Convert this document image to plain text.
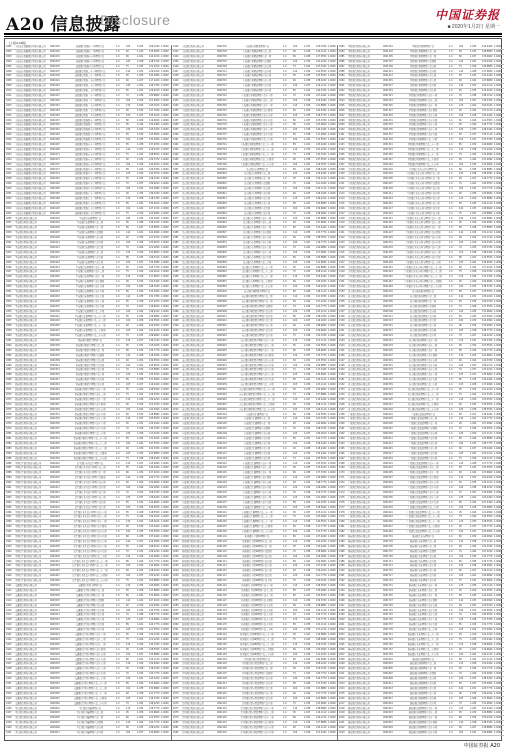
A20 信息披露
Disclosure	中国证券报
■ 2020年1月2日 星期一
(上接A19版)
1801	上海浦东发展银行股份有限公司	0000125	浦发银行聚鑫十一号理财产品	1.0	100	1.033	126.1030 1.0000
1802	上海浦东发展银行股份有限公司	0000129	浦发银行聚鑫十三号理财产品	1.0	90	1.030	125.6045 1.0000
1803	上海浦东发展银行股份有限公司	0000131	浦发银行聚鑫十五号理财产品	1.0	80	1.041	144.0210 1.0000
1804	上海浦东发展银行股份有限公司	0000133	浦发银行聚鑫十七号理财产品	1.0	120	1.028	118.3410 1.0000
1805	上海浦东发展银行股份有限公司	0000135	浦发银行聚鑫十九号理财产品	1.0	75	1.035	131.2700 1.0000
1806	上海浦东发展银行股份有限公司	0000137	浦发银行聚鑫二十一号理财产品	1.0	110	1.031	129.4410 1.0000
1807	上海浦东发展银行股份有限公司	0000139	浦发银行聚鑫二十三号理财产品	1.0	95	1.039	140.5680 1.0000
1808	上海浦东发展银行股份有限公司	0000141	浦发银行聚鑫二十五号理财产品	1.0	60	1.027	117.1020 1.0000
1809	上海浦东发展银行股份有限公司	0000143	浦发银行聚鑫二十七号理财产品	1.0	130	1.042	146.7780 1.0000
1810	上海浦东发展银行股份有限公司	0000145	浦发银行聚鑫二十九号理财产品	1.0	85	1.033	126.9150 1.0000
1811	上海浦东发展银行股份有限公司	0000147	浦发银行聚鑫三十一号理财产品	1.0	70	1.036	132.8800 1.0000
1812	上海浦东发展银行股份有限公司	0000149	浦发银行聚鑫三十三号理财产品	1.0	100	1.029	121.6300 1.0000
1813	上海浦东发展银行股份有限公司	0000151	浦发银行聚鑫三十五号理财产品	1.0	115	1.040	143.2010 1.0000
1814	上海浦东发展银行股份有限公司	0000153	浦发银行聚鑫三十七号理财产品	1.0	90	1.032	127.7640 1.0000
1815	上海浦东发展银行股份有限公司	0000155	浦发银行聚鑫三十九号理财产品	1.0	105	1.037	135.4210 1.0000
1816	上海浦东发展银行股份有限公司	0000157	浦发银行聚鑫四十一号理财产品	1.0	80	1.028	119.9050 1.0000
1817	上海浦东发展银行股份有限公司	0000159	浦发银行聚鑫四十三号理财产品	1.0	95	1.034	130.0460 1.0000
1818	上海浦东发展银行股份有限公司	0000161	浦发银行聚鑫四十五号理财产品	1.0	120	1.041	145.3320 1.0000
1819	上海浦东发展银行股份有限公司	0000163	浦发银行聚鑫四十七号理财产品	1.0	65	1.030	123.5560 1.0000
1820	上海浦东发展银行股份有限公司	0000165	浦发银行聚鑫四十九号理财产品	1.0	100	1.035	132.0990 1.0000
1821	上海浦东发展银行股份有限公司	0000167	浦发银行聚鑫五十一号理财产品	1.0	85	1.038	137.6700 1.0000
1822	上海浦东发展银行股份有限公司	0000169	浦发银行聚鑫五十三号理财产品	1.0	110	1.027	116.2240 1.0000
1823	上海浦东发展银行股份有限公司	0000171	浦发银行聚鑫五十五号理财产品	1.0	75	1.043	148.8810 1.0000
1824	上海浦东发展银行股份有限公司	0000173	浦发银行聚鑫五十七号理财产品	1.0	90	1.032	126.3370 1.0000
1825	上海浦东发展银行股份有限公司	0000175	浦发银行聚鑫五十九号理财产品	1.0	100	1.036	134.0020 1.0000
1826	上海浦东发展银行股份有限公司	0000177	浦发银行聚鑫六十一号理财产品	1.0	80	1.029	120.4450 1.0000
1827	上海浦东发展银行股份有限公司	0000179	浦发银行聚鑫六十三号理财产品	1.0	125	1.040	142.5570 1.0000
1828	上海浦东发展银行股份有限公司	0000181	浦发银行聚鑫六十五号理财产品	1.0	95	1.033	128.1190 1.0000
1829	上海浦东发展银行股份有限公司	0000183	浦发银行聚鑫六十七号理财产品	1.0	70	1.037	136.6610 1.0000
1830	上海浦东发展银行股份有限公司	0000185	浦发银行聚鑫六十九号理财产品	1.0	105	1.031	124.9080 1.0000
1831	上海浦东发展银行股份有限公司	0000187	浦发银行聚鑫七十一号理财产品	1.0	90	1.039	139.2230 1.0000
1832	上海浦东发展银行股份有限公司	0000189	浦发银行聚鑫七十三号理财产品	1.0	115	1.028	118.7760 1.0000
1833	上海浦东发展银行股份有限公司	0000191	浦发银行聚鑫七十五号理财产品	1.0	85	1.034	130.9910 1.0000
1834	上海浦东发展银行股份有限公司	0000193	浦发银行聚鑫七十七号理财产品	1.0	100	1.042	147.1150 1.0000
1835	上海浦东发展银行股份有限公司	0000195	浦发银行聚鑫七十九号理财产品	1.0	75	1.030	122.6680 1.0000
1836	平安银行股份有限公司	0000201	平安银行安盈理财产品	1.0	120	1.035	133.4400 1.0000
1837	平安银行股份有限公司	0000203	平安银行安盈理财产品二期	1.0	95	1.038	138.1020 1.0000
1838	平安银行股份有限公司	0000205	平安银行安盈理财产品三期	1.0	80	1.027	115.8830 1.0000
1839	平安银行股份有限公司	0000207	平安银行安盈理财产品四期	1.0	110	1.041	144.9960 1.0000
1840	平安银行股份有限公司	0000209	平安银行安盈理财产品五期	1.0	90	1.032	127.2210 1.0000
1841	平安银行股份有限公司	0000211	平安银行安盈理财产品六期	1.0	100	1.036	133.6670 1.0000
1842	平安银行股份有限公司	0000213	平安银行安盈理财产品七期	1.0	70	1.029	121.0090 1.0000
1843	平安银行股份有限公司	0000215	平安银行安盈理财产品八期	1.0	125	1.040	141.8820 1.0000
1844	平安银行股份有限公司	0000217	平安银行安盈理财产品九期	1.0	85	1.033	129.3310 1.0000
1845	平安银行股份有限公司	0000219	平安银行安盈理财产品十期	1.0	105	1.037	135.9980 1.0000
1846	平安银行股份有限公司	0000221	平安银行安盈理财产品十一期	1.0	95	1.031	125.7740 1.0000
1847	平安银行股份有限公司	0000223	平安银行安盈理财产品十二期	1.0	75	1.039	140.0010 1.0000
1848	平安银行股份有限公司	0000225	平安银行安盈理财产品十三期	1.0	115	1.028	117.6650 1.0000
1849	平安银行股份有限公司	0000227	平安银行安盈理财产品十四期	1.0	90	1.034	131.4420 1.0000
1850	平安银行股份有限公司	0000229	平安银行安盈理财产品十五期	1.0	100	1.043	148.3030 1.0000
1851	平安银行股份有限公司	0000231	平安银行安盈理财产品十六期	1.0	80	1.030	123.0090 1.0000
1852	平安银行股份有限公司	0000233	平安银行安盈理财产品十七期	1.0	110	1.035	132.7780 1.0000
1853	平安银行股份有限公司	0000235	平安银行安盈理财产品十八期	1.0	95	1.038	137.2250 1.0000
1854	平安银行股份有限公司	0000237	平安银行安盈理财产品十九期	1.0	70	1.027	116.6650 1.0000
1855	平安银行股份有限公司	0000239	平安银行安盈理财产品二十期	1.0	120	1.042	146.4410 1.0000
1856	平安银行股份有限公司	0000241	平安银行安盈理财产品二十一期	1.0	85	1.032	126.8880 1.0000
1857	平安银行股份有限公司	0000243	平安银行安盈理财产品二十二期	1.0	100	1.036	134.5560 1.0000
1858	平安银行股份有限公司	0000245	平安银行安盈理财产品二十三期	1.0	90	1.029	120.9920 1.0000
1859	平安银行股份有限公司	0000247	平安银行安盈理财产品二十四期	1.0	105	1.040	142.2020 1.0000
1860	平安银行股份有限公司	0000249	平安银行安盈理财产品二十五期	1.0	75	1.033	128.6660 1.0000
1861	招商银行股份有限公司	0000301	招商银行朝招金理财产品	1.0	115	1.037	136.1120 1.0000
1862	招商银行股份有限公司	0000303	招商银行朝招金理财产品二期	1.0	95	1.031	125.0030 1.0000
1863	招商银行股份有限公司	0000305	招商银行朝招金理财产品三期	1.0	80	1.039	139.7770 1.0000
1864	招商银行股份有限公司	0000307	招商银行朝招金理财产品四期	1.0	110	1.028	118.0090 1.0000
1865	招商银行股份有限公司	0000309	招商银行朝招金理财产品五期	1.0	90	1.034	130.5550 1.0000
1866	招商银行股份有限公司	0000311	招商银行朝招金理财产品六期	1.0	100	1.041	145.6610 1.0000
1867	招商银行股份有限公司	0000313	招商银行朝招金理财产品七期	1.0	70	1.030	123.8880 1.0000
1868	招商银行股份有限公司	0000315	招商银行朝招金理财产品八期	1.0	125	1.035	133.0020 1.0000
1869	招商银行股份有限公司	0000317	招商银行朝招金理财产品九期	1.0	85	1.038	137.9990 1.0000
1870	招商银行股份有限公司	0000319	招商银行朝招金理财产品十期	1.0	105	1.027	116.4440 1.0000
1871	招商银行股份有限公司	0000321	招商银行朝招金理财产品十一期	1.0	95	1.043	148.5560 1.0000
1872	招商银行股份有限公司	0000323	招商银行朝招金理财产品十二期	1.0	75	1.032	126.5550 1.0000
1873	招商银行股份有限公司	0000325	招商银行朝招金理财产品十三期	1.0	115	1.036	134.2220 1.0000
1874	招商银行股份有限公司	0000327	招商银行朝招金理财产品十四期	1.0	90	1.029	121.3330 1.0000
1875	招商银行股份有限公司	0000329	招商银行朝招金理财产品十五期	1.0	100	1.040	142.9990 1.0000
1876	招商银行股份有限公司	0000331	招商银行朝招金理财产品十六期	1.0	80	1.033	128.8880 1.0000
1877	招商银行股份有限公司	0000333	招商银行朝招金理财产品十七期	1.0	110	1.037	135.5550 1.0000
1878	招商银行股份有限公司	0000335	招商银行朝招金理财产品十八期	1.0	95	1.031	125.4440 1.0000
1879	招商银行股份有限公司	0000337	招商银行朝招金理财产品十九期	1.0	70	1.039	140.3330 1.0000
1880	招商银行股份有限公司	0000339	招商银行朝招金理财产品二十期	1.0	120	1.028	117.2220 1.0000
1881	招商银行股份有限公司	0000341	招商银行朝招金理财产品二十一期	1.0	85	1.034	131.0010 1.0000
1882	招商银行股份有限公司	0000343	招商银行朝招金理财产品二十二期	1.0	100	1.042	147.5550 1.0000
1883	招商银行股份有限公司	0000345	招商银行朝招金理财产品二十三期	1.0	90	1.030	122.3330 1.0000
1884	招商银行股份有限公司	0000347	招商银行朝招金理财产品二十四期	1.0	105	1.035	133.8880 1.0000
1885	招商银行股份有限公司	0000349	招商银行朝招金理财产品二十五期	1.0	75	1.038	138.4440 1.0000
1886	中国民生银行股份有限公司	0000401	民生银行非凡资产管理产品	1.0	115	1.027	115.9990 1.0000
1887	中国民生银行股份有限公司	0000403	民生银行非凡资产管理产品二期	1.0	95	1.041	144.4440 1.0000
1888	中国民生银行股份有限公司	0000405	民生银行非凡资产管理产品三期	1.0	80	1.032	127.0010 1.0000
1889	中国民生银行股份有限公司	0000407	民生银行非凡资产管理产品四期	1.0	110	1.036	134.7770 1.0000
1890	中国民生银行股份有限公司	0000409	民生银行非凡资产管理产品五期	1.0	90	1.029	120.6660 1.0000
1891	中国民生银行股份有限公司	0000411	民生银行非凡资产管理产品六期	1.0	100	1.040	142.0090 1.0000
1892	中国民生银行股份有限公司	0000413	民生银行非凡资产管理产品七期	1.0	70	1.033	128.3330 1.0000
1893	中国民生银行股份有限公司	0000415	民生银行非凡资产管理产品八期	1.0	125	1.037	136.4440 1.0000
1894	中国民生银行股份有限公司	0000417	民生银行非凡资产管理产品九期	1.0	85	1.031	124.6660 1.0000
1895	中国民生银行股份有限公司	0000419	民生银行非凡资产管理产品十期	1.0	105	1.039	139.5550 1.0000
1896	中国民生银行股份有限公司	0000421	民生银行非凡资产管理产品十一期	1.0	95	1.028	118.5550 1.0000
1897	中国民生银行股份有限公司	0000423	民生银行非凡资产管理产品十二期	1.0	75	1.034	130.2220 1.0000
1898	中国民生银行股份有限公司	0000425	民生银行非凡资产管理产品十三期	1.0	115	1.041	145.0010 1.0000
1899	中国民生银行股份有限公司	0000427	民生银行非凡资产管理产品十四期	1.0	90	1.030	123.4440 1.0000
1900	中国民生银行股份有限公司	0000429	民生银行非凡资产管理产品十五期	1.0	100	1.035	132.5550 1.0000
1901	中国民生银行股份有限公司	0000431	民生银行非凡资产管理产品十六期	1.0	80	1.038	137.4440 1.0000
1902	中国民生银行股份有限公司	0000433	民生银行非凡资产管理产品十七期	1.0	110	1.027	116.0090 1.0000
1903	中国民生银行股份有限公司	0000435	民生银行非凡资产管理产品十八期	1.0	95	1.043	148.0010 1.0000
1904	中国民生银行股份有限公司	0000437	民生银行非凡资产管理产品十九期	1.0	70	1.032	126.2220 1.0000
1905	中国民生银行股份有限公司	0000439	民生银行非凡资产管理产品二十期	1.0	120	1.036	134.9990 1.0000
1906	中国民生银行股份有限公司	0000441	民生银行非凡资产管理产品二十一期	1.0	85	1.029	121.7770 1.0000
1907	中国民生银行股份有限公司	0000443	民生银行非凡资产管理产品二十二期	1.0	100	1.040	142.6660 1.0000
1908	中国民生银行股份有限公司	0000445	民生银行非凡资产管理产品二十三期	1.0	90	1.033	128.0010 1.0000
1909	中国民生银行股份有限公司	0000447	民生银行非凡资产管理产品二十四期	1.0	105	1.037	135.2220 1.0000
1910	中国民生银行股份有限公司	0000449	民生银行非凡资产管理产品二十五期	1.0	75	1.031	125.8880 1.0000
1911	交通银行股份有限公司	0000501	交通银行得利宝理财产品	1.0	115	1.039	140.6660 1.0000
1912	交通银行股份有限公司	0000503	交通银行得利宝理财产品二期	1.0	95	1.028	117.8880 1.0000
1913	交通银行股份有限公司	0000505	交通银行得利宝理财产品三期	1.0	80	1.034	131.6660 1.0000
1914	交通银行股份有限公司	0000507	交通银行得利宝理财产品四期	1.0	110	1.042	147.0010 1.0000
1915	交通银行股份有限公司	0000509	交通银行得利宝理财产品五期	1.0	90	1.030	122.9990 1.0000
1916	交通银行股份有限公司	0000511	交通银行得利宝理财产品六期	1.0	100	1.035	133.3330 1.0000
1917	交通银行股份有限公司	0000513	交通银行得利宝理财产品七期	1.0	70	1.038	138.7770 1.0000
1918	交通银行股份有限公司	0000515	交通银行得利宝理财产品八期	1.0	125	1.027	116.8880 1.0000
1919	交通银行股份有限公司	0000517	交通银行得利宝理财产品九期	1.0	85	1.041	144.7770 1.0000
1920	交通银行股份有限公司	0000519	交通银行得利宝理财产品十期	1.0	105	1.032	127.5550 1.0000
1921	交通银行股份有限公司	0000521	交通银行得利宝理财产品十一期	1.0	95	1.036	134.3330 1.0000
1922	交通银行股份有限公司	0000523	交通银行得利宝理财产品十二期	1.0	75	1.029	121.2220 1.0000
1923	交通银行股份有限公司	0000525	交通银行得利宝理财产品十三期	1.0	115	1.040	142.3330 1.0000
1924	交通银行股份有限公司	0000527	交通银行得利宝理财产品十四期	1.0	90	1.033	128.5550 1.0000
1925	交通银行股份有限公司	0000529	交通银行得利宝理财产品十五期	1.0	100	1.037	135.8880 1.0000
1926	交通银行股份有限公司	0000531	交通银行得利宝理财产品十六期	1.0	80	1.031	125.1110 1.0000
1927	交通银行股份有限公司	0000533	交通银行得利宝理财产品十七期	1.0	110	1.039	139.9990 1.0000
1928	交通银行股份有限公司	0000535	交通银行得利宝理财产品十八期	1.0	95	1.028	118.2220 1.0000
1929	交通银行股份有限公司	0000537	交通银行得利宝理财产品十九期	1.0	70	1.034	130.7770 1.0000
1930	交通银行股份有限公司	0000539	交通银行得利宝理财产品二十期	1.0	120	1.041	145.2220 1.0000
1931	交通银行股份有限公司	0000541	交通银行得利宝理财产品二十一期	1.0	85	1.030	123.6660 1.0000
1932	交通银行股份有限公司	0000543	交通银行得利宝理财产品二十二期	1.0	100	1.035	132.8880 1.0000
1933	交通银行股份有限公司	0000545	交通银行得利宝理财产品二十三期	1.0	90	1.038	137.7770 1.0000
1934	交通银行股份有限公司	0000547	交通银行得利宝理财产品二十四期	1.0	105	1.027	116.3330 1.0000
1935	交通银行股份有限公司	0000549	交通银行得利宝理财产品二十五期	1.0	75	1.043	148.2220 1.0000
1936	中信银行股份有限公司	0000601	中信银行共赢理财产品	1.0	115	1.032	126.7770 1.0000
1937	中信银行股份有限公司	0000603	中信银行共赢理财产品二期	1.0	95	1.036	134.6660 1.0000
1938	中信银行股份有限公司	0000605	中信银行共赢理财产品三期	1.0	80	1.029	121.5550 1.0000
1939	中信银行股份有限公司	0000607	中信银行共赢理财产品四期	1.0	110	1.040	142.7770 1.0000
1940	中信银行股份有限公司	0000609	中信银行共赢理财产品五期	1.0	90	1.033	128.2220 1.0000
1941	中信银行股份有限公司	0000611	中信银行共赢理财产品六期	1.0	100	1.037	135.6660 1.0000
1942	上海银行股份有限公司	0000701	上海银行易精灵理财产品	1.0	100	1.031	125.3330 1.0000
1943	上海银行股份有限公司	0000703	上海银行易精灵理财产品二期	1.0	90	1.039	140.1110 1.0000
1944	上海银行股份有限公司	0000705	上海银行易精灵理财产品三期	1.0	80	1.028	117.5550 1.0000
1945	上海银行股份有限公司	0000707	上海银行易精灵理财产品四期	1.0	120	1.034	131.2220 1.0000
1946	上海银行股份有限公司	0000709	上海银行易精灵理财产品五期	1.0	75	1.042	147.3330 1.0000
1947	上海银行股份有限公司	0000711	上海银行易精灵理财产品六期	1.0	110	1.030	122.5550 1.0000
1948	上海银行股份有限公司	0000713	上海银行易精灵理财产品七期	1.0	95	1.035	133.5550 1.0000
1949	上海银行股份有限公司	0000715	上海银行易精灵理财产品八期	1.0	60	1.038	138.2220 1.0000
1950	上海银行股份有限公司	0000717	上海银行易精灵理财产品九期	1.0	130	1.027	116.1110 1.0000
1951	上海银行股份有限公司	0000719	上海银行易精灵理财产品十期	1.0	85	1.041	144.3330 1.0000
1952	上海银行股份有限公司	0000721	上海银行易精灵理财产品十一期	1.0	70	1.032	127.4440 1.0000
1953	上海银行股份有限公司	0000723	上海银行易精灵理财产品十二期	1.0	100	1.036	134.4440 1.0000
1954	上海银行股份有限公司	0000725	上海银行易精灵理财产品十三期	1.0	115	1.029	121.8880 1.0000
1955	上海银行股份有限公司	0000727	上海银行易精灵理财产品十四期	1.0	90	1.040	142.4440 1.0000
1956	上海银行股份有限公司	0000729	上海银行易精灵理财产品十五期	1.0	105	1.033	128.7770 1.0000
1957	上海银行股份有限公司	0000731	上海银行易精灵理财产品十六期	1.0	80	1.037	135.3330 1.0000
1958	上海银行股份有限公司	0000733	上海银行易精灵理财产品十七期	1.0	95	1.031	125.6660 1.0000
1959	上海银行股份有限公司	0000735	上海银行易精灵理财产品十八期	1.0	120	1.039	140.4440 1.0000
1960	上海银行股份有限公司	0000737	上海银行易精灵理财产品十九期	1.0	65	1.028	117.9990 1.0000
1961	上海银行股份有限公司	0000739	上海银行易精灵理财产品二十期	1.0	100	1.034	131.5550 1.0000
1962	上海银行股份有限公司	0000741	上海银行易精灵理财产品二十一期	1.0	85	1.041	145.4440 1.0000
1963	上海银行股份有限公司	0000743	上海银行易精灵理财产品二十二期	1.0	110	1.030	123.2220 1.0000
1964	上海银行股份有限公司	0000745	上海银行易精灵理财产品二十三期	1.0	75	1.035	132.3330 1.0000
1965	上海银行股份有限公司	0000747	上海银行易精灵理财产品二十四期	1.0	90	1.038	137.5550 1.0000
1966	上海银行股份有限公司	0000749	上海银行易精灵理财产品二十五期	1.0	100	1.027	116.5550 1.0000
1967	北京银行股份有限公司	0000801	北京银行心喜理财产品	1.0	80	1.043	148.4440 1.0000
1968	北京银行股份有限公司	0000803	北京银行心喜理财产品二期	1.0	125	1.032	126.4440 1.0000
1969	北京银行股份有限公司	0000805	北京银行心喜理财产品三期	1.0	95	1.036	134.1110 1.0000
1970	北京银行股份有限公司	0000807	北京银行心喜理财产品四期	1.0	70	1.029	121.4440 1.0000
1971	北京银行股份有限公司	0000809	北京银行心喜理财产品五期	1.0	105	1.040	142.1110 1.0000
1972	北京银行股份有限公司	0000811	北京银行心喜理财产品六期	1.0	90	1.033	128.4440 1.0000
1973	北京银行股份有限公司	0000813	北京银行心喜理财产品七期	1.0	115	1.037	136.2220 1.0000
1974	北京银行股份有限公司	0000815	北京银行心喜理财产品八期	1.0	85	1.031	124.8880 1.0000
1975	北京银行股份有限公司	0000817	北京银行心喜理财产品九期	1.0	100	1.039	139.6660 1.0000
1976	北京银行股份有限公司	0000819	北京银行心喜理财产品十期	1.0	75	1.028	118.6660 1.0000
1977	北京银行股份有限公司	0000821	北京银行心喜理财产品十一期	1.0	120	1.034	130.8880 1.0000
1978	北京银行股份有限公司	0000823	北京银行心喜理财产品十二期	1.0	95	1.042	147.6660 1.0000
1979	北京银行股份有限公司	0000825	北京银行心喜理财产品十三期	1.0	80	1.030	122.4440 1.0000
1980	北京银行股份有限公司	0000827	北京银行心喜理财产品十四期	1.0	110	1.035	133.7770 1.0000
1981	北京银行股份有限公司	0000829	北京银行心喜理财产品十五期	1.0	90	1.038	138.5550 1.0000
1982	北京银行股份有限公司	0000831	北京银行心喜理财产品十六期	1.0	100	1.027	116.7770 1.0000
1983	北京银行股份有限公司	0000833	北京银行心喜理财产品十七期	1.0	70	1.041	144.8880 1.0000
1984	北京银行股份有限公司	0000835	北京银行心喜理财产品十八期	1.0	125	1.032	127.6660 1.0000
1985	北京银行股份有限公司	0000837	北京银行心喜理财产品十九期	1.0	85	1.036	134.8880 1.0000
1986	北京银行股份有限公司	0000839	北京银行心喜理财产品二十期	1.0	105	1.029	121.6660 1.0000
1987	北京银行股份有限公司	0000841	北京银行心喜理财产品二十一期	1.0	95	1.040	142.8880 1.0000
1988	北京银行股份有限公司	0000843	北京银行心喜理财产品二十二期	1.0	75	1.033	128.1110 1.0000
1989	北京银行股份有限公司	0000845	北京银行心喜理财产品二十三期	1.0	115	1.037	135.4440 1.0000
1990	北京银行股份有限公司	0000847	北京银行心喜理财产品二十四期	1.0	90	1.031	125.2220 1.0000
1991	北京银行股份有限公司	0000849	北京银行心喜理财产品二十五期	1.0	100	1.039	140.2220 1.0000
1992	南京银行股份有限公司	0000901	南京银行珠联璧合理财产品	1.0	80	1.028	118.1110 1.0000
1993	南京银行股份有限公司	0000903	南京银行珠联璧合理财产品二期	1.0	110	1.034	131.3330 1.0000
1994	南京银行股份有限公司	0000905	南京银行珠联璧合理财产品三期	1.0	95	1.042	147.2220 1.0000
1995	南京银行股份有限公司	0000907	南京银行珠联璧合理财产品四期	1.0	70	1.030	122.7770 1.0000
1996	南京银行股份有限公司	0000909	南京银行珠联璧合理财产品五期	1.0	120	1.035	133.1110 1.0000
1997	南京银行股份有限公司	0000911	南京银行珠联璧合理财产品六期	1.0	85	1.038	138.3330 1.0000
1998	南京银行股份有限公司	0000913	南京银行珠联璧合理财产品七期	1.0	100	1.027	116.2220 1.0000
1999	南京银行股份有限公司	0000915	南京银行珠联璧合理财产品八期	1.0	90	1.043	148.6660 1.0000
2000	南京银行股份有限公司	0000917	南京银行珠联璧合理财产品九期	1.0	105	1.032	126.6660 1.0000
2001	南京银行股份有限公司	0000919	南京银行珠联璧合理财产品十期	1.0	75	1.036	134.3330 1.0000
2002	南京银行股份有限公司	0000921	南京银行珠联璧合理财产品十一期	1.0	115	1.029	121.1110 1.0000
2003	南京银行股份有限公司	0000923	南京银行珠联璧合理财产品十二期	1.0	95	1.040	142.5550 1.0000
2004	南京银行股份有限公司	0000925	南京银行珠联璧合理财产品十三期	1.0	80	1.033	128.6660 1.0000
2005	南京银行股份有限公司	0000927	南京银行珠联璧合理财产品十四期	1.0	110	1.037	135.7770 1.0000
2006	南京银行股份有限公司	0000929	南京银行珠联璧合理财产品十五期	1.0	90	1.031	125.5550 1.0000
2007	南京银行股份有限公司	0000931	南京银行珠联璧合理财产品十六期	1.0	100	1.039	139.8880 1.0000
2008	南京银行股份有限公司	0000933	南京银行珠联璧合理财产品十七期	1.0	70	1.028	117.4440 1.0000
2009	南京银行股份有限公司	0000935	南京银行珠联璧合理财产品十八期	1.0	125	1.034	130.6660 1.0000
2010	南京银行股份有限公司	0000937	南京银行珠联璧合理财产品十九期	1.0	85	1.041	145.1110 1.0000
2011	南京银行股份有限公司	0000939	南京银行珠联璧合理财产品二十期	1.0	105	1.030	123.1110 1.0000
2012	南京银行股份有限公司	0000941	南京银行珠联璧合理财产品二十一期	1.0	95	1.035	132.6660 1.0000
2013	南京银行股份有限公司	0000943	南京银行珠联璧合理财产品二十二期	1.0	75	1.038	137.8880 1.0000
2014	南京银行股份有限公司	0000945	南京银行珠联璧合理财产品二十三期	1.0	115	1.027	116.4440 1.0000
2015	南京银行股份有限公司	0000947	南京银行珠联璧合理财产品二十四期	1.0	90	1.043	148.1110 1.0000
2016	南京银行股份有限公司	0000949	南京银行珠联璧合理财产品二十五期	1.0	100	1.032	126.1110 1.0000
2017	宁波银行股份有限公司	0001001	宁波银行汇通理财产品	1.0	80	1.036	134.5550 1.0000
2018	宁波银行股份有限公司	0001003	宁波银行汇通理财产品二期	1.0	110	1.029	121.3330 1.0000
2019	宁波银行股份有限公司	0001005	宁波银行汇通理财产品三期	1.0	95	1.040	142.6660 1.0000
2020	宁波银行股份有限公司	0001007	宁波银行汇通理财产品四期	1.0	70	1.033	128.3330 1.0000
2021	宁波银行股份有限公司	0001009	宁波银行汇通理财产品五期	1.0	120	1.037	136.0010 1.0000
2022	宁波银行股份有限公司	0001011	宁波银行汇通理财产品六期	1.0	85	1.031	124.7770 1.0000
2023	宁波银行股份有限公司	0001013	宁波银行汇通理财产品七期	1.0	100	1.039	139.4440 1.0000
2024	宁波银行股份有限公司	0001015	宁波银行汇通理财产品八期	1.0	90	1.028	118.4440 1.0000
2025	宁波银行股份有限公司	0001017	宁波银行汇通理财产品九期	1.0	105	1.034	130.4440 1.0000
2026	宁波银行股份有限公司	0001019	宁波银行汇通理财产品十期	1.0	75	1.041	145.5550 1.0000
2027	宁波银行股份有限公司	0001021	宁波银行汇通理财产品十一期	1.0	115	1.030	123.5550 1.0000
2028	宁波银行股份有限公司	0001023	宁波银行汇通理财产品十二期	1.0	95	1.035	132.2220 1.0000
2029	宁波银行股份有限公司	0001025	宁波银行汇通理财产品十三期	1.0	80	1.038	137.3330 1.0000
2030	宁波银行股份有限公司	0001027	宁波银行汇通理财产品十四期	1.0	110	1.027	116.6660 1.0000
2031	宁波银行股份有限公司	0001029	宁波银行汇通理财产品十五期	1.0	90	1.043	148.7770 1.0000
2032	宁波银行股份有限公司	0001031	宁波银行汇通理财产品十六期	1.0	100	1.032	126.9990 1.0000
2033	宁波银行股份有限公司	0001033	宁波银行汇通理财产品十七期	1.0	70	1.036	134.7770 1.0000
2034	宁波银行股份有限公司	0001035	宁波银行汇通理财产品十八期	1.0	125	1.029	121.9990 1.0000
2035	宁波银行股份有限公司	0001037	宁波银行汇通理财产品十九期	1.0	85	1.040	142.3330 1.0000
2036	宁波银行股份有限公司	0001039	宁波银行汇通理财产品二十期	1.0	105	1.033	128.9990 1.0000
2037	宁波银行股份有限公司	0001041	宁波银行汇通理财产品二十一期	1.0	95	1.037	135.1110 1.0000
2038	宁波银行股份有限公司	0001043	宁波银行汇通理财产品二十二期	1.0	75	1.031	125.9990 1.0000
2039	宁波银行股份有限公司	0001045	宁波银行汇通理财产品二十三期	1.0	115	1.039	140.5550 1.0000
2040	宁波银行股份有限公司	0001047	宁波银行汇通理财产品二十四期	1.0	90	1.028	117.7770 1.0000
2041	宁波银行股份有限公司	0001049	宁波银行汇通理财产品二十五期	1.0	100	1.034	131.7770 1.0000
2042	杭州银行股份有限公司	0001101	杭州银行幸福99理财产品	1.0	80	1.042	147.4440 1.0000
2043	杭州银行股份有限公司	0001103	杭州银行幸福99理财产品二期	1.0	110	1.030	122.2220 1.0000
2044	杭州银行股份有限公司	0001105	杭州银行幸福99理财产品三期	1.0	95	1.035	133.4440 1.0000
2045	杭州银行股份有限公司	0001107	杭州银行幸福99理财产品四期	1.0	70	1.038	138.6660 1.0000
2046	杭州银行股份有限公司	0001109	杭州银行幸福99理财产品五期	1.0	120	1.027	116.9990 1.0000
2047	杭州银行股份有限公司	0001111	杭州银行幸福99理财产品六期	1.0	85	1.041	144.6660 1.0000
2048	杭州银行股份有限公司	0001113	杭州银行幸福99理财产品七期	1.0	100	1.032	127.3330 1.0000
2049	杭州银行股份有限公司	0001115	杭州银行幸福99理财产品八期	1.0	90	1.036	134.2220 1.0000
2050	杭州银行股份有限公司	0001117	杭州银行幸福99理财产品九期	1.0	105	1.029	121.7770 1.0000
2051	杭州银行股份有限公司	0001119	杭州银行幸福99理财产品十期	1.0	75	1.040	142.2220 1.0000
2052	杭州银行股份有限公司	0001121	杭州银行幸福99理财产品十一期	1.0	115	1.033	128.5550 1.0000
2053	杭州银行股份有限公司	0001123	杭州银行幸福99理财产品十二期	1.0	95	1.037	135.9990 1.0000
2054	杭州银行股份有限公司	0001125	杭州银行幸福99理财产品十三期	1.0	80	1.031	124.5550 1.0000
2055	杭州银行股份有限公司	0001127	杭州银行幸福99理财产品十四期	1.0	110	1.039	139.3330 1.0000
2056	杭州银行股份有限公司	0001129	杭州银行幸福99理财产品十五期	1.0	90	1.028	118.8880 1.0000
2057	杭州银行股份有限公司	0001131	杭州银行幸福99理财产品十六期	1.0	100	1.034	130.1110 1.0000
2058	杭州银行股份有限公司	0001133	杭州银行幸福99理财产品十七期	1.0	70	1.041	145.7770 1.0000
2059	杭州银行股份有限公司	0001135	杭州银行幸福99理财产品十八期	1.0	125	1.030	123.7770 1.0000
2060	杭州银行股份有限公司	0001137	杭州银行幸福99理财产品十九期	1.0	85	1.035	132.1110 1.0000
2061	杭州银行股份有限公司	0001139	杭州银行幸福99理财产品二十期	1.0	105	1.038	137.1110 1.0000
2062	杭州银行股份有限公司	0001141	杭州银行幸福99理财产品二十一期	1.0	95	1.027	116.8880 1.0000
2063	杭州银行股份有限公司	0001143	杭州银行幸福99理财产品二十二期	1.0	75	1.043	148.9990 1.0000
2064	杭州银行股份有限公司	0001145	杭州银行幸福99理财产品二十三期	1.0	115	1.032	126.3330 1.0000
2065	杭州银行股份有限公司	0001147	杭州银行幸福99理财产品二十四期	1.0	90	1.036	134.9990 1.0000
2066	杭州银行股份有限公司	0001149	杭州银行幸福99理财产品二十五期	1.0	100	1.029	121.2220 1.0000
2067	江苏银行股份有限公司	0001201	江苏银行聚宝财富理财产品	1.0	80	1.040	142.9990 1.0000
2068	江苏银行股份有限公司	0001203	江苏银行聚宝财富理财产品二期	1.0	110	1.033	128.2220 1.0000
2069	江苏银行股份有限公司	0001205	江苏银行聚宝财富理财产品三期	1.0	95	1.037	135.3330 1.0000
2070	江苏银行股份有限公司	0001207	江苏银行聚宝财富理财产品四期	1.0	70	1.031	125.7770 1.0000
2071	江苏银行股份有限公司	0001209	江苏银行聚宝财富理财产品五期	1.0	120	1.039	140.7770 1.0000
2072	江苏银行股份有限公司	0001211	江苏银行聚宝财富理财产品六期	1.0	85	1.028	117.3330 1.0000
2073	江苏银行股份有限公司	0001213	江苏银行聚宝财富理财产品七期	1.0	100	1.034	131.8880 1.0000
2074	江苏银行股份有限公司	0001215	江苏银行聚宝财富理财产品八期	1.0	90	1.042	147.7770 1.0000
2075	江苏银行股份有限公司	0001217	江苏银行聚宝财富理财产品九期	1.0	105	1.030	122.8880 1.0000
2076	江苏银行股份有限公司	0001219	江苏银行聚宝财富理财产品十期	1.0	75	1.035	133.6660 1.0000
2077	江苏银行股份有限公司	0001221	江苏银行聚宝财富理财产品十一期	1.0	115	1.038	138.8880 1.0000
2078	江苏银行股份有限公司	0001223	江苏银行聚宝财富理财产品十二期	1.0	95	1.027	116.1110 1.0000
2079	江苏银行股份有限公司	0001225	江苏银行聚宝财富理财产品十三期	1.0	80	1.041	144.1110 1.0000
2080	江苏银行股份有限公司	0001227	江苏银行聚宝财富理财产品十四期	1.0	110	1.032	127.8880 1.0000
2081	江苏银行股份有限公司	0001229	江苏银行聚宝财富理财产品十五期	1.0	90	1.036	134.1110 1.0000
2082	江苏银行股份有限公司	0001231	江苏银行聚宝财富理财产品十六期	1.0	100	1.029	121.4440 1.0000
2083	华夏银行股份有限公司	0001301	华夏银行增盈理财产品	1.0	100	1.040	142.4440 1.0000
2084	华夏银行股份有限公司	0001303	华夏银行增盈理财产品二期	1.0	90	1.033	128.8880 1.0000
2085	华夏银行股份有限公司	0001305	华夏银行增盈理财产品三期	1.0	80	1.037	135.6660 1.0000
2086	华夏银行股份有限公司	0001307	华夏银行增盈理财产品四期	1.0	120	1.031	125.4440 1.0000
2087	华夏银行股份有限公司	0001309	华夏银行增盈理财产品五期	1.0	75	1.039	140.8880 1.0000
2088	华夏银行股份有限公司	0001311	华夏银行增盈理财产品六期	1.0	110	1.028	117.6660 1.0000
2089	华夏银行股份有限公司	0001313	华夏银行增盈理财产品七期	1.0	95	1.034	131.4440 1.0000
2090	华夏银行股份有限公司	0001315	华夏银行增盈理财产品八期	1.0	60	1.042	147.8880 1.0000
2091	华夏银行股份有限公司	0001317	华夏银行增盈理财产品九期	1.0	130	1.030	122.1110 1.0000
2092	华夏银行股份有限公司	0001319	华夏银行增盈理财产品十期	1.0	85	1.035	133.2220 1.0000
2093	华夏银行股份有限公司	0001321	华夏银行增盈理财产品十一期	1.0	70	1.038	138.1110 1.0000
2094	华夏银行股份有限公司	0001323	华夏银行增盈理财产品十二期	1.0	100	1.027	116.3330 1.0000
2095	华夏银行股份有限公司	0001325	华夏银行增盈理财产品十三期	1.0	115	1.041	144.2220 1.0000
2096	华夏银行股份有限公司	0001327	华夏银行增盈理财产品十四期	1.0	90	1.032	127.1110 1.0000
2097	华夏银行股份有限公司	0001329	华夏银行增盈理财产品十五期	1.0	105	1.036	134.4440 1.0000
2098	华夏银行股份有限公司	0001331	华夏银行增盈理财产品十六期	1.0	80	1.029	121.5550 1.0000
2099	华夏银行股份有限公司	0001333	华夏银行增盈理财产品十七期	1.0	95	1.040	142.7770 1.0000
2100	华夏银行股份有限公司	0001335	华夏银行增盈理财产品十八期	1.0	120	1.033	128.4440 1.0000
2101	华夏银行股份有限公司	0001337	华夏银行增盈理财产品十九期	1.0	65	1.037	135.1110 1.0000
2102	华夏银行股份有限公司	0001339	华夏银行增盈理财产品二十期	1.0	100	1.031	125.3330 1.0000
2103	华夏银行股份有限公司	0001341	华夏银行增盈理财产品二十一期	1.0	85	1.039	140.6660 1.0000
2104	华夏银行股份有限公司	0001343	华夏银行增盈理财产品二十二期	1.0	110	1.028	117.2220 1.0000
2105	华夏银行股份有限公司	0001345	华夏银行增盈理财产品二十三期	1.0	75	1.034	131.9990 1.0000
2106	华夏银行股份有限公司	0001347	华夏银行增盈理财产品二十四期	1.0	90	1.042	147.9990 1.0000
2107	华夏银行股份有限公司	0001349	华夏银行增盈理财产品二十五期	1.0	100	1.030	122.6660 1.0000
2108	兴业银行股份有限公司	0001401	兴业银行天天万利宝理财产品	1.0	80	1.035	133.8880 1.0000
2109	兴业银行股份有限公司	0001403	兴业银行天天万利宝理财产品二期	1.0	125	1.038	138.9990 1.0000
2110	兴业银行股份有限公司	0001405	兴业银行天天万利宝理财产品三期	1.0	95	1.027	116.7770 1.0000
2111	兴业银行股份有限公司	0001407	兴业银行天天万利宝理财产品四期	1.0	70	1.041	144.5550 1.0000
2112	兴业银行股份有限公司	0001409	兴业银行天天万利宝理财产品五期	1.0	105	1.032	127.7770 1.0000
2113	兴业银行股份有限公司	0001411	兴业银行天天万利宝理财产品六期	1.0	90	1.036	134.6660 1.0000
2114	兴业银行股份有限公司	0001413	兴业银行天天万利宝理财产品七期	1.0	115	1.029	121.8880 1.0000
2115	兴业银行股份有限公司	0001415	兴业银行天天万利宝理财产品八期	1.0	85	1.040	142.1110 1.0000
2116	兴业银行股份有限公司	0001417	兴业银行天天万利宝理财产品九期	1.0	100	1.033	128.6660 1.0000
2117	兴业银行股份有限公司	0001419	兴业银行天天万利宝理财产品十期	1.0	75	1.037	135.8880 1.0000
2118	兴业银行股份有限公司	0001421	兴业银行天天万利宝理财产品十一期	1.0	120	1.031	125.8880 1.0000
2119	兴业银行股份有限公司	0001423	兴业银行天天万利宝理财产品十二期	1.0	95	1.039	140.9990 1.0000
2120	兴业银行股份有限公司	0001425	兴业银行天天万利宝理财产品十三期	1.0	80	1.028	117.8880 1.0000
2121	兴业银行股份有限公司	0001427	兴业银行天天万利宝理财产品十四期	1.0	110	1.034	131.1110 1.0000
2122	兴业银行股份有限公司	0001429	兴业银行天天万利宝理财产品十五期	1.0	90	1.042	147.1110 1.0000
2123	兴业银行股份有限公司	0001431	兴业银行天天万利宝理财产品十六期	1.0	100	1.030	122.3330 1.0000
2124	兴业银行股份有限公司	0001433	兴业银行天天万利宝理财产品十七期	1.0	70	1.035	133.3330 1.0000
2125	兴业银行股份有限公司	0001435	兴业银行天天万利宝理财产品十八期	1.0	125	1.038	138.4440 1.0000
2126	兴业银行股份有限公司	0001437	兴业银行天天万利宝理财产品十九期	1.0	85	1.027	116.5550 1.0000
2127	兴业银行股份有限公司	0001439	兴业银行天天万利宝理财产品二十期	1.0	105	1.041	144.9990 1.0000
2128	兴业银行股份有限公司	0001441	兴业银行天天万利宝理财产品二十一期	1.0	95	1.032	127.2220 1.0000
2129	兴业银行股份有限公司	0001443	兴业银行天天万利宝理财产品二十二期	1.0	75	1.036	134.3330 1.0000
2130	兴业银行股份有限公司	0001445	兴业银行天天万利宝理财产品二十三期	1.0	115	1.029	121.3330 1.0000
2131	兴业银行股份有限公司	0001447	兴业银行天天万利宝理财产品二十四期	1.0	90	1.040	142.6660 1.0000
2132	兴业银行股份有限公司	0001449	兴业银行天天万利宝理财产品二十五期	1.0	100	1.033	128.3330 1.0000
2133	光大银行股份有限公司	0001501	光大银行阳光理财产品	1.0	80	1.037	135.5550 1.0000
2134	光大银行股份有限公司	0001503	光大银行阳光理财产品二期	1.0	110	1.031	125.2220 1.0000
2135	光大银行股份有限公司	0001505	光大银行阳光理财产品三期	1.0	95	1.039	140.3330 1.0000
2136	光大银行股份有限公司	0001507	光大银行阳光理财产品四期	1.0	70	1.028	117.5550 1.0000
2137	光大银行股份有限公司	0001509	光大银行阳光理财产品五期	1.0	120	1.034	131.6660 1.0000
2138	光大银行股份有限公司	0001511	光大银行阳光理财产品六期	1.0	85	1.042	147.5550 1.0000
2139	光大银行股份有限公司	0001513	光大银行阳光理财产品七期	1.0	100	1.030	122.9990 1.0000
2140	光大银行股份有限公司	0001515	光大银行阳光理财产品八期	1.0	90	1.035	133.9990 1.0000
2141	光大银行股份有限公司	0001517	光大银行阳光理财产品九期	1.0	105	1.038	138.7770 1.0000
2142	光大银行股份有限公司	0001519	光大银行阳光理财产品十期	1.0	75	1.027	116.2220 1.0000
2143	光大银行股份有限公司	0001521	光大银行阳光理财产品十一期	1.0	115	1.041	144.3330 1.0000
2144	光大银行股份有限公司	0001523	光大银行阳光理财产品十二期	1.0	95	1.032	127.5550 1.0000
2145	光大银行股份有限公司	0001525	光大银行阳光理财产品十三期	1.0	80	1.036	134.7770 1.0000
2146	光大银行股份有限公司	0001527	光大银行阳光理财产品十四期	1.0	110	1.029	121.6660 1.0000
2147	光大银行股份有限公司	0001529	光大银行阳光理财产品十五期	1.0	90	1.040	142.3330 1.0000
2148	光大银行股份有限公司	0001531	光大银行阳光理财产品十六期	1.0	100	1.033	128.1110 1.0000
2149	光大银行股份有限公司	0001533	光大银行阳光理财产品十七期	1.0	70	1.037	135.2220 1.0000
2150	光大银行股份有限公司	0001535	光大银行阳光理财产品十八期	1.0	125	1.031	125.6660 1.0000
2151	光大银行股份有限公司	0001537	光大银行阳光理财产品十九期	1.0	85	1.039	140.4440 1.0000
2152	光大银行股份有限公司	0001539	光大银行阳光理财产品二十期	1.0	105	1.028	117.9990 1.0000
2153	光大银行股份有限公司	0001541	光大银行阳光理财产品二十一期	1.0	95	1.034	131.2220 1.0000
2154	光大银行股份有限公司	0001543	光大银行阳光理财产品二十二期	1.0	75	1.042	147.3330 1.0000
2155	光大银行股份有限公司	0001545	光大银行阳光理财产品二十三期	1.0	115	1.030	122.5550 1.0000
2156	光大银行股份有限公司	0001547	光大银行阳光理财产品二十四期	1.0	90	1.035	133.5550 1.0000
2157	光大银行股份有限公司	0001549	光大银行阳光理财产品二十五期	1.0	100	1.038	138.5550 1.0000
2158	广发银行股份有限公司	0001601	广发银行薪加薪理财产品	1.0	80	1.027	116.4440 1.0000
2159	广发银行股份有限公司	0001603	广发银行薪加薪理财产品二期	1.0	110	1.041	144.7770 1.0000
2160	广发银行股份有限公司	0001605	广发银行薪加薪理财产品三期	1.0	95	1.032	127.9990 1.0000
2161	广发银行股份有限公司	0001607	广发银行薪加薪理财产品四期	1.0	70	1.036	134.5550 1.0000
2162	广发银行股份有限公司	0001609	广发银行薪加薪理财产品五期	1.0	120	1.029	121.1110 1.0000
2163	广发银行股份有限公司	0001611	广发银行薪加薪理财产品六期	1.0	85	1.040	142.8880 1.0000
2164	广发银行股份有限公司	0001613	广发银行薪加薪理财产品七期	1.0	100	1.033	128.7770 1.0000
2165	广发银行股份有限公司	0001615	广发银行薪加薪理财产品八期	1.0	90	1.037	135.4440 1.0000
2166	广发银行股份有限公司	0001617	广发银行薪加薪理财产品九期	1.0	105	1.031	125.1110 1.0000
2167	广发银行股份有限公司	0001619	广发银行薪加薪理财产品十期	1.0	75	1.039	140.1110 1.0000
2168	广发银行股份有限公司	0001621	广发银行薪加薪理财产品十一期	1.0	115	1.028	117.7770 1.0000
2169	广发银行股份有限公司	0001623	广发银行薪加薪理财产品十二期	1.0	95	1.034	131.5550 1.0000
2170	广发银行股份有限公司	0001625	广发银行薪加薪理财产品十三期	1.0	80	1.042	147.6660 1.0000
2171	广发银行股份有限公司	0001627	广发银行薪加薪理财产品十四期	1.0	110	1.030	122.4440 1.0000
2172	广发银行股份有限公司	0001629	广发银行薪加薪理财产品十五期	1.0	90	1.035	133.1110 1.0000
2173	广发银行股份有限公司	0001631	广发银行薪加薪理财产品十六期	1.0	100	1.038	138.2220 1.0000
2174	广发银行股份有限公司	0001633	广发银行薪加薪理财产品十七期	1.0	70	1.027	116.9990 1.0000
2175	广发银行股份有限公司	0001635	广发银行薪加薪理财产品十八期	1.0	125	1.041	144.4440 1.0000
2176	广发银行股份有限公司	0001637	广发银行薪加薪理财产品十九期	1.0	85	1.032	127.4440 1.0000
2177	广发银行股份有限公司	0001639	广发银行薪加薪理财产品二十期	1.0	105	1.036	134.8880 1.0000
2178	广发银行股份有限公司	0001641	广发银行薪加薪理财产品二十一期	1.0	95	1.029	121.9990 1.0000
2179	广发银行股份有限公司	0001643	广发银行薪加薪理财产品二十二期	1.0	75	1.040	142.5550 1.0000
2180	广发银行股份有限公司	0001645	广发银行薪加薪理财产品二十三期	1.0	115	1.033	128.5550 1.0000
2181	广发银行股份有限公司	0001647	广发银行薪加薪理财产品二十四期	1.0	90	1.037	135.7770 1.0000
2182	广发银行股份有限公司	0001649	广发银行薪加薪理财产品二十五期	1.0	100	1.031	125.9990 1.0000
2183	浙商银行股份有限公司	0001701	浙商银行永乐理财产品	1.0	80	1.039	140.9990 1.0000
2184	浙商银行股份有限公司	0001703	浙商银行永乐理财产品二期	1.0	110	1.028	117.1110 1.0000
2185	浙商银行股份有限公司	0001705	浙商银行永乐理财产品三期	1.0	95	1.034	131.3330 1.0000
2186	浙商银行股份有限公司	0001707	浙商银行永乐理财产品四期	1.0	70	1.042	147.2220 1.0000
2187	浙商银行股份有限公司	0001709	浙商银行永乐理财产品五期	1.0	120	1.030	122.7770 1.0000
2188	浙商银行股份有限公司	0001711	浙商银行永乐理财产品六期	1.0	85	1.035	133.7770 1.0000
2189	浙商银行股份有限公司	0001713	浙商银行永乐理财产品七期	1.0	100	1.038	138.9990 1.0000
2190	浙商银行股份有限公司	0001715	浙商银行永乐理财产品八期	1.0	90	1.027	116.1110 1.0000
2191	浙商银行股份有限公司	0001717	浙商银行永乐理财产品九期	1.0	105	1.041	144.6660 1.0000
2192	浙商银行股份有限公司	0001719	浙商银行永乐理财产品十期	1.0	75	1.032	127.6660 1.0000
2193	浙商银行股份有限公司	0001721	浙商银行永乐理财产品十一期	1.0	115	1.036	134.1110 1.0000
2194	浙商银行股份有限公司	0001723	浙商银行永乐理财产品十二期	1.0	95	1.029	121.5550 1.0000
2195	浙商银行股份有限公司	0001725	浙商银行永乐理财产品十三期	1.0	80	1.040	142.2220 1.0000
2196	浙商银行股份有限公司	0001727	浙商银行永乐理财产品十四期	1.0	110	1.033	128.9990 1.0000
2197	浙商银行股份有限公司	0001729	浙商银行永乐理财产品十五期	1.0	90	1.037	135.3330 1.0000
2198	浙商银行股份有限公司	0001731	浙商银行永乐理财产品十六期	1.0	100	1.031	125.5550 1.0000
2199	浙商银行股份有限公司	0001733	浙商银行永乐理财产品十七期	1.0	70	1.039	140.5550 1.0000
2200	浙商银行股份有限公司	0001735	浙商银行永乐理财产品十八期	1.0	125	1.028	117.3330 1.0000
2201	浙商银行股份有限公司	0001737	浙商银行永乐理财产品十九期	1.0	85	1.034	131.7770 1.0000
2202	浙商银行股份有限公司	0001739	浙商银行永乐理财产品二十期	1.0	105	1.042	147.9990 1.0000
2203	浙商银行股份有限公司	0001741	浙商银行永乐理财产品二十一期	1.0	95	1.030	122.2220 1.0000
2204	浙商银行股份有限公司	0001743	浙商银行永乐理财产品二十二期	1.0	75	1.035	133.4440 1.0000
2205	浙商银行股份有限公司	0001745	浙商银行永乐理财产品二十三期	1.0	115	1.038	138.6660 1.0000
2206	浙商银行股份有限公司	0001747	浙商银行永乐理财产品二十四期	1.0	90	1.027	116.6660 1.0000
2207	浙商银行股份有限公司	0001749	浙商银行永乐理财产品二十五期	1.0	100	1.041	144.1110 1.0000
2208	渤海银行股份有限公司	0001801	渤海银行渤盈理财产品	1.0	80	1.032	127.1110 1.0000
2209	渤海银行股份有限公司	0001803	渤海银行渤盈理财产品二期	1.0	110	1.036	134.4440 1.0000
2210	渤海银行股份有限公司	0001805	渤海银行渤盈理财产品三期	1.0	95	1.029	121.7770 1.0000
2211	渤海银行股份有限公司	0001807	渤海银行渤盈理财产品四期	1.0	70	1.040	142.9990 1.0000
2212	渤海银行股份有限公司	0001809	渤海银行渤盈理财产品五期	1.0	120	1.033	128.2220 1.0000
2213	渤海银行股份有限公司	0001811	渤海银行渤盈理财产品六期	1.0	85	1.037	135.9990 1.0000
2214	渤海银行股份有限公司	0001813	渤海银行渤盈理财产品七期	1.0	100	1.031	125.7770 1.0000
2215	渤海银行股份有限公司	0001815	渤海银行渤盈理财产品八期	1.0	90	1.039	140.2220 1.0000
2216	渤海银行股份有限公司	0001817	渤海银行渤盈理财产品九期	1.0	105	1.028	117.6660 1.0000
2217	渤海银行股份有限公司	0001819	渤海银行渤盈理财产品十期	1.0	75	1.034	131.9990 1.0000
2218	渤海银行股份有限公司	0001821	渤海银行渤盈理财产品十一期	1.0	115	1.042	147.4440 1.0000
2219	渤海银行股份有限公司	0001823	渤海银行渤盈理财产品十二期	1.0	95	1.030	122.8880 1.0000
2220	渤海银行股份有限公司	0001825	渤海银行渤盈理财产品十三期	1.0	80	1.035	133.2220 1.0000
2221	渤海银行股份有限公司	0001827	渤海银行渤盈理财产品十四期	1.0	110	1.038	138.3330 1.0000
2222	渤海银行股份有限公司	0001829	渤海银行渤盈理财产品十五期	1.0	90	1.027	116.8880 1.0000
2223	渤海银行股份有限公司	0001831	渤海银行渤盈理财产品十六期	1.0	100	1.041	144.8880 1.0000
中国证券报 A20
